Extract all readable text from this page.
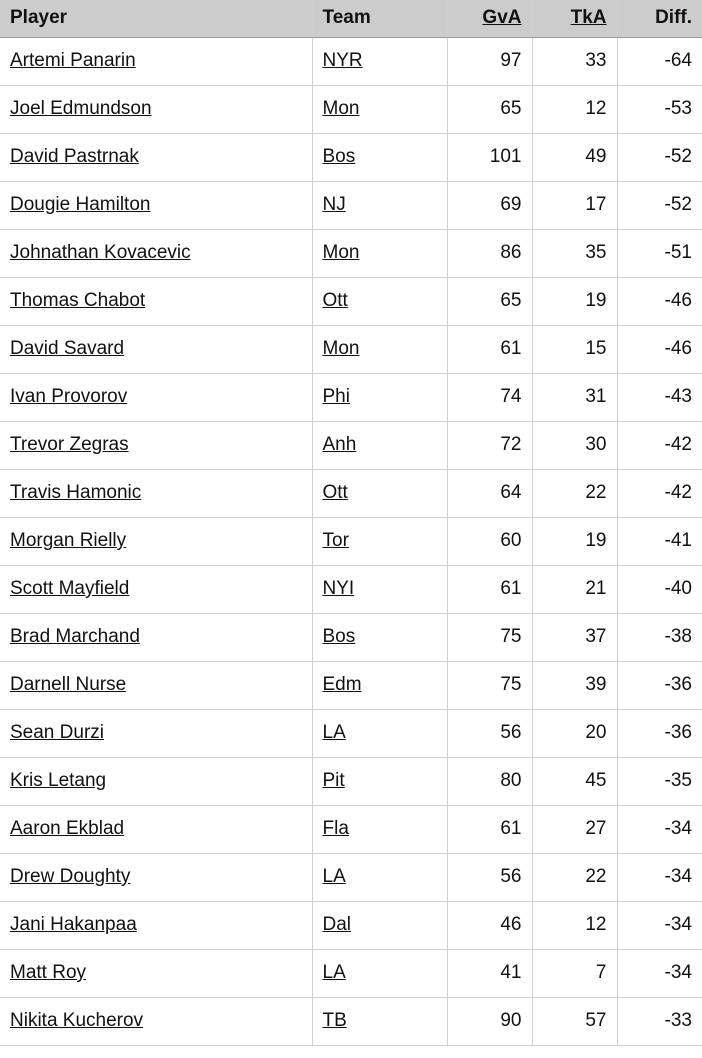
Player	Team	GvA	TkA	Diff.
Artemi Panarin	NYR	97	33	-64
Joel Edmundson	Mon	65	12	-53
David Pastrnak	Bos	101	49	-52
Dougie Hamilton	NJ	69	17	-52
Johnathan Kovacevic	Mon	86	35	-51
Thomas Chabot	Ott	65	19	-46
David Savard	Mon	61	15	-46
Ivan Provorov	Phi	74	31	-43
Trevor Zegras	Anh	72	30	-42
Travis Hamonic	Ott	64	22	-42
Morgan Rielly	Tor	60	19	-41
Scott Mayfield	NYI	61	21	-40
Brad Marchand	Bos	75	37	-38
Darnell Nurse	Edm	75	39	-36
Sean Durzi	LA	56	20	-36
Kris Letang	Pit	80	45	-35
Aaron Ekblad	Fla	61	27	-34
Drew Doughty	LA	56	22	-34
Jani Hakanpaa	Dal	46	12	-34
Matt Roy	LA	41	7	-34
Nikita Kucherov	TB	90	57	-33
